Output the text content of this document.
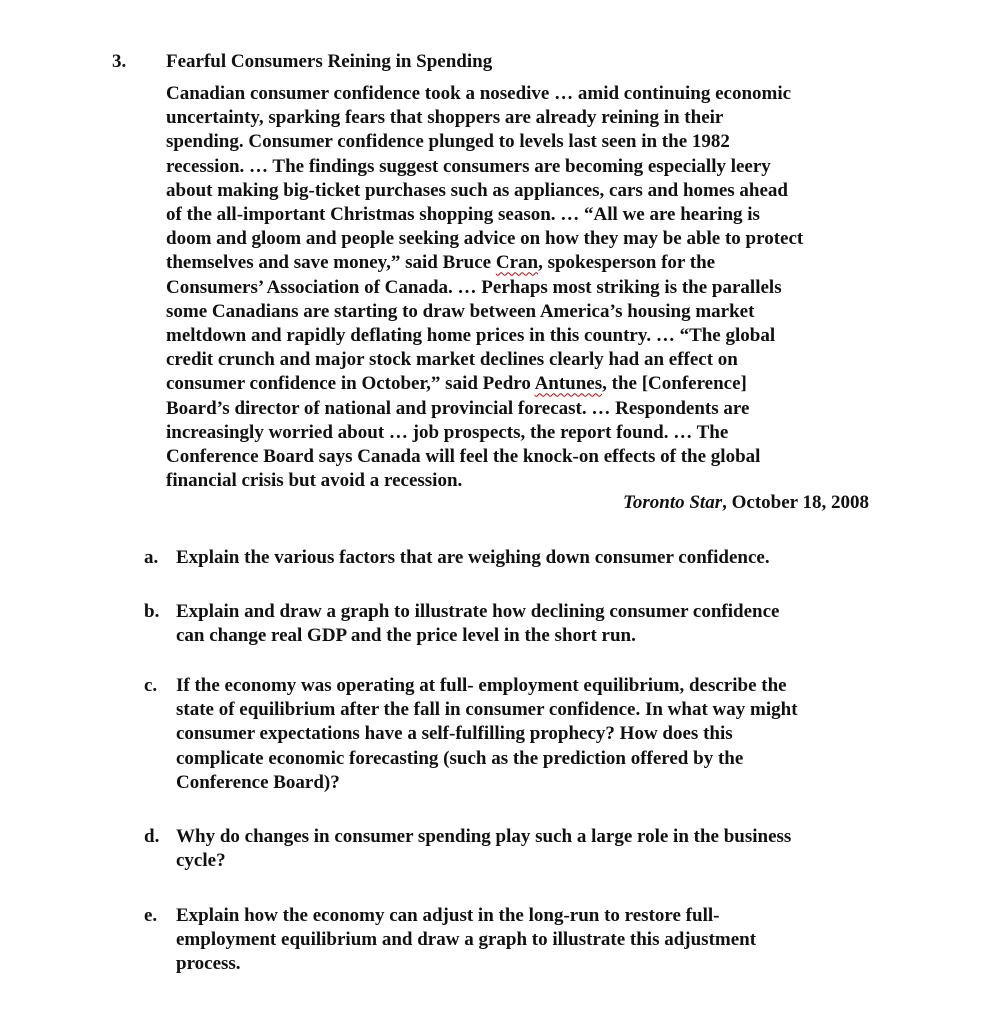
3. Fearful Consumers Reining in Spending
Canadian consumer confidence took a nosedive … amid continuing economic
uncertainty, sparking fears that shoppers are already reining in their
spending. Consumer confidence plunged to levels last seen in the 1982
recession. … The findings suggest consumers are becoming especially leery
about making big-ticket purchases such as appliances, cars and homes ahead
of the all-important Christmas shopping season. … “All we are hearing is
doom and gloom and people seeking advice on how they may be able to protect
themselves and save money,” said Bruce Cran, spokesperson for the
Consumers’ Association of Canada. … Perhaps most striking is the parallels
some Canadians are starting to draw between America’s housing market
meltdown and rapidly deflating home prices in this country. … “The global
credit crunch and major stock market declines clearly had an effect on
consumer confidence in October,” said Pedro Antunes, the [Conference]
Board’s director of national and provincial forecast. … Respondents are
increasingly worried about … job prospects, the report found. … The
Conference Board says Canada will feel the knock-on effects of the global
financial crisis but avoid a recession.
Toronto Star, October 18, 2008
a. Explain the various factors that are weighing down consumer confidence.
b. Explain and draw a graph to illustrate how declining consumer confidence
can change real GDP and the price level in the short run.
c. If the economy was operating at full- employment equilibrium, describe the
state of equilibrium after the fall in consumer confidence. In what way might
consumer expectations have a self-fulfilling prophecy? How does this
complicate economic forecasting (such as the prediction offered by the
Conference Board)?
d. Why do changes in consumer spending play such a large role in the business
cycle?
e. Explain how the economy can adjust in the long-run to restore full-
employment equilibrium and draw a graph to illustrate this adjustment
process.
